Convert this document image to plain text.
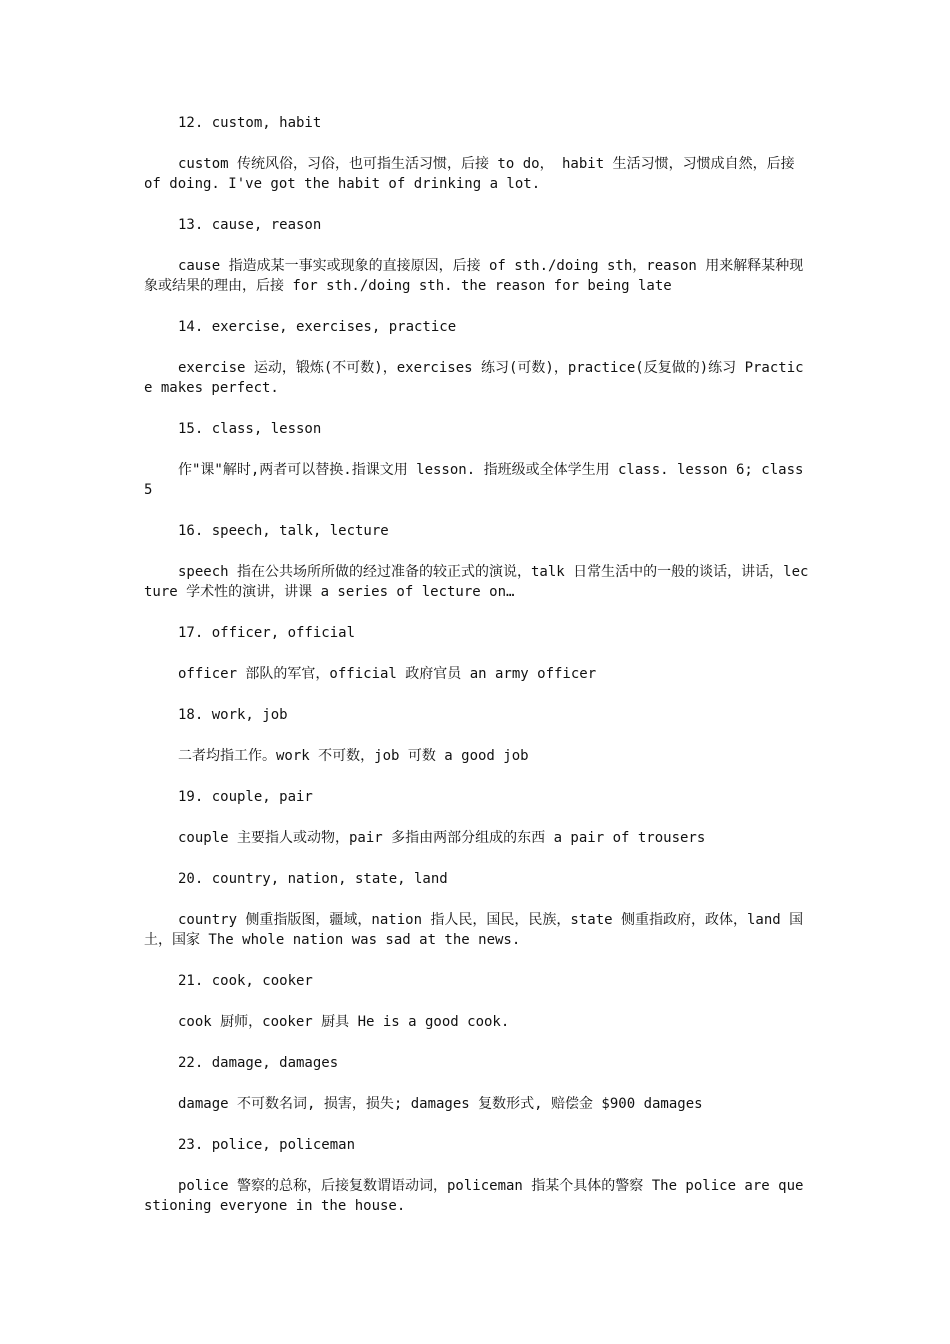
12. custom, habit

custom 传统风俗，习俗，也可指生活习惯，后接 to do， habit 生活习惯，习惯成自然，后接 of doing. I've got the habit of drinking a lot.

13. cause, reason

cause 指造成某一事实或现象的直接原因，后接 of sth./doing sth，reason 用来解释某种现象或结果的理由，后接 for sth./doing sth. the reason for being late

14. exercise, exercises, practice

exercise 运动，锻炼(不可数)，exercises 练习(可数)，practice(反复做的)练习 Practice makes perfect.

15. class, lesson

作"课"解时,两者可以替换.指课文用 lesson. 指班级或全体学生用 class. lesson 6; class 5

16. speech, talk, lecture

speech 指在公共场所所做的经过准备的较正式的演说，talk 日常生活中的一般的谈话，讲话，lecture 学术性的演讲，讲课 a series of lecture on…

17. officer, official

officer 部队的军官，official 政府官员 an army officer

18. work, job

二者均指工作。work 不可数，job 可数 a good job

19. couple, pair

couple 主要指人或动物，pair 多指由两部分组成的东西 a pair of trousers

20. country, nation, state, land

country 侧重指版图，疆域，nation 指人民，国民，民族，state 侧重指政府，政体，land 国土，国家 The whole nation was sad at the news.

21. cook, cooker

cook 厨师，cooker 厨具 He is a good cook.

22. damage, damages

damage 不可数名词, 损害，损失; damages 复数形式, 赔偿金 $900 damages

23. police, policeman

police 警察的总称，后接复数谓语动词，policeman 指某个具体的警察 The police are questioning everyone in the house.
